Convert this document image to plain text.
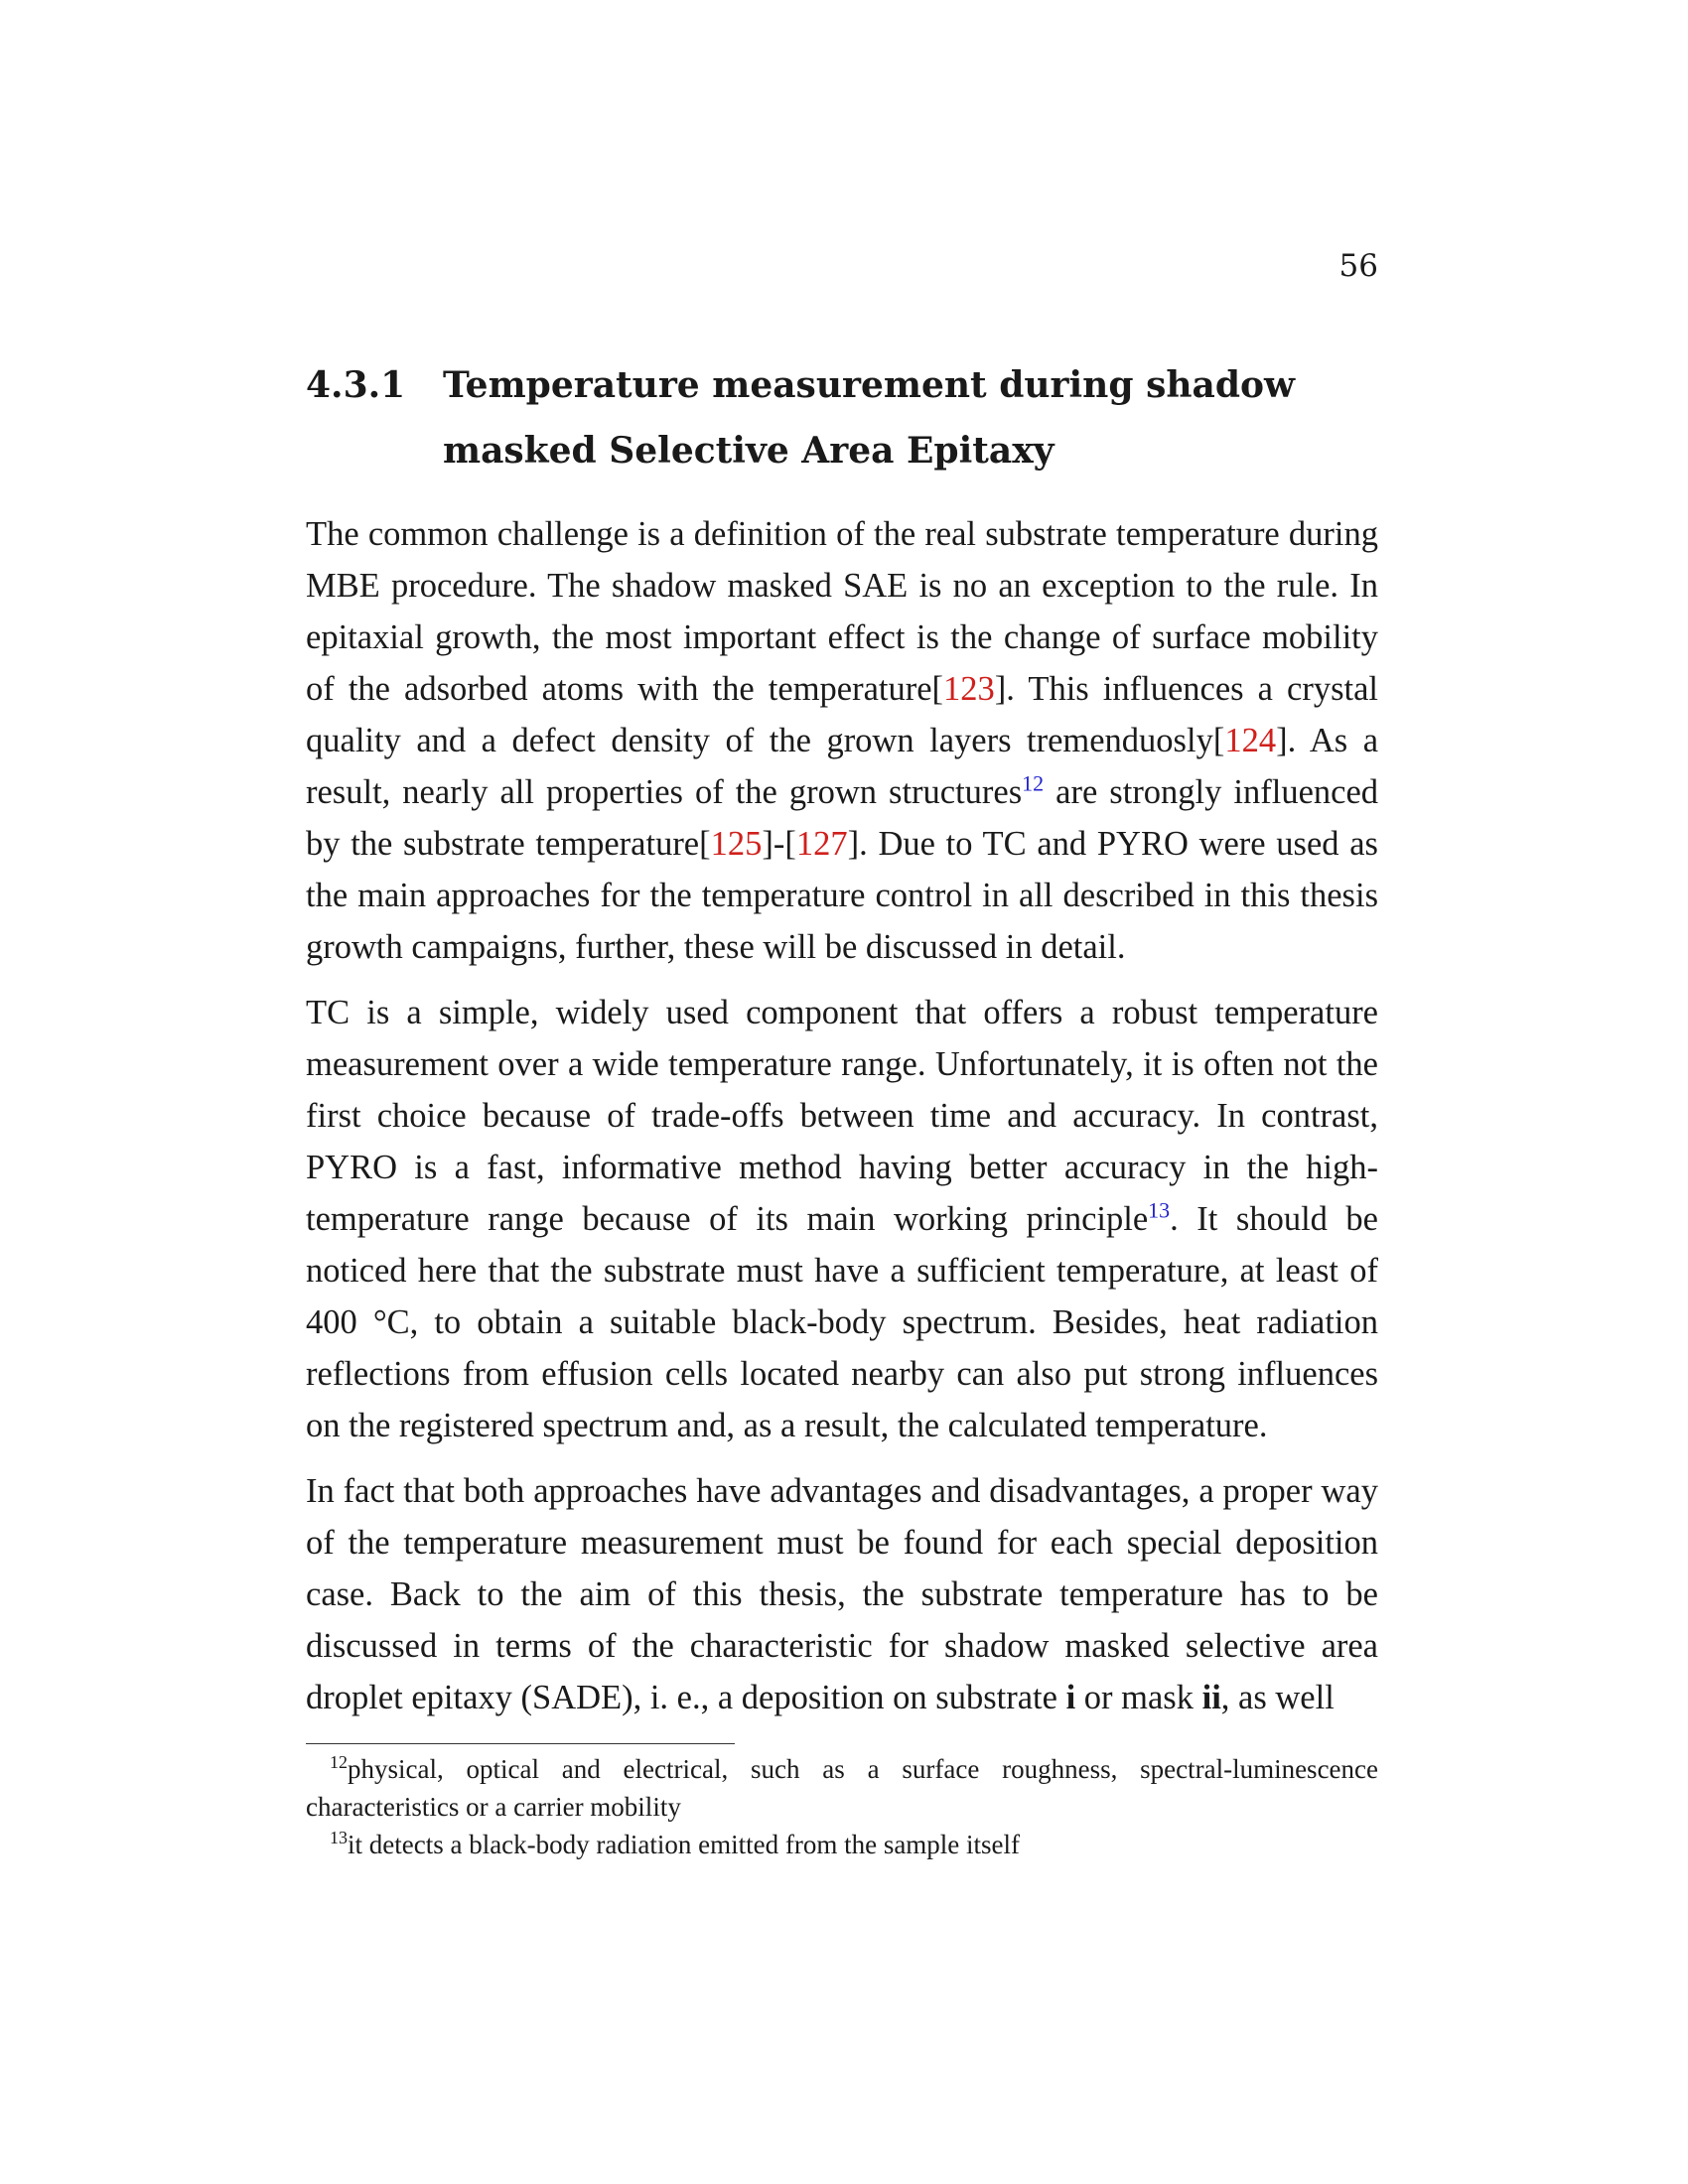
56
4.3.1	Temperature measurement during shadow masked Selective Area Epitaxy

The common challenge is a definition of the real substrate temperature during MBE procedure. The shadow masked SAE is no an exception to the rule. In epitaxial growth, the most important effect is the change of surface mobility of the adsorbed atoms with the temperature[123]. This influences a crystal quality and a defect density of the grown layers tremenduosly[124]. As a result, nearly all properties of the grown structures$^{12}$ are strongly influenced by the substrate temperature[125]-[127]. Due to TC and PYRO were used as the main approaches for the temperature control in all described in this thesis growth campaigns, further, these will be discussed in detail.

TC is a simple, widely used component that offers a robust temperature measurement over a wide temperature range. Unfortunately, it is often not the first choice because of trade-offs between time and accuracy. In contrast, PYRO is a fast, informative method having better accuracy in the high-temperature range because of its main working principle$^{13}$. It should be noticed here that the substrate must have a sufficient temperature, at least of 400 °C, to obtain a suitable black-body spectrum. Besides, heat radiation reflections from effusion cells located nearby can also put strong influences on the registered spectrum and, as a result, the calculated temperature.

In fact that both approaches have advantages and disadvantages, a proper way of the temperature measurement must be found for each special deposition case. Back to the aim of this thesis, the substrate temperature has to be discussed in terms of the characteristic for shadow masked selective area droplet epitaxy (SADE), i. e., a deposition on substrate i or mask ii, as well

$^{12}$physical, optical and electrical, such as a surface roughness, spectral-luminescence characteristics or a carrier mobility
$^{13}$it detects a black-body radiation emitted from the sample itself
